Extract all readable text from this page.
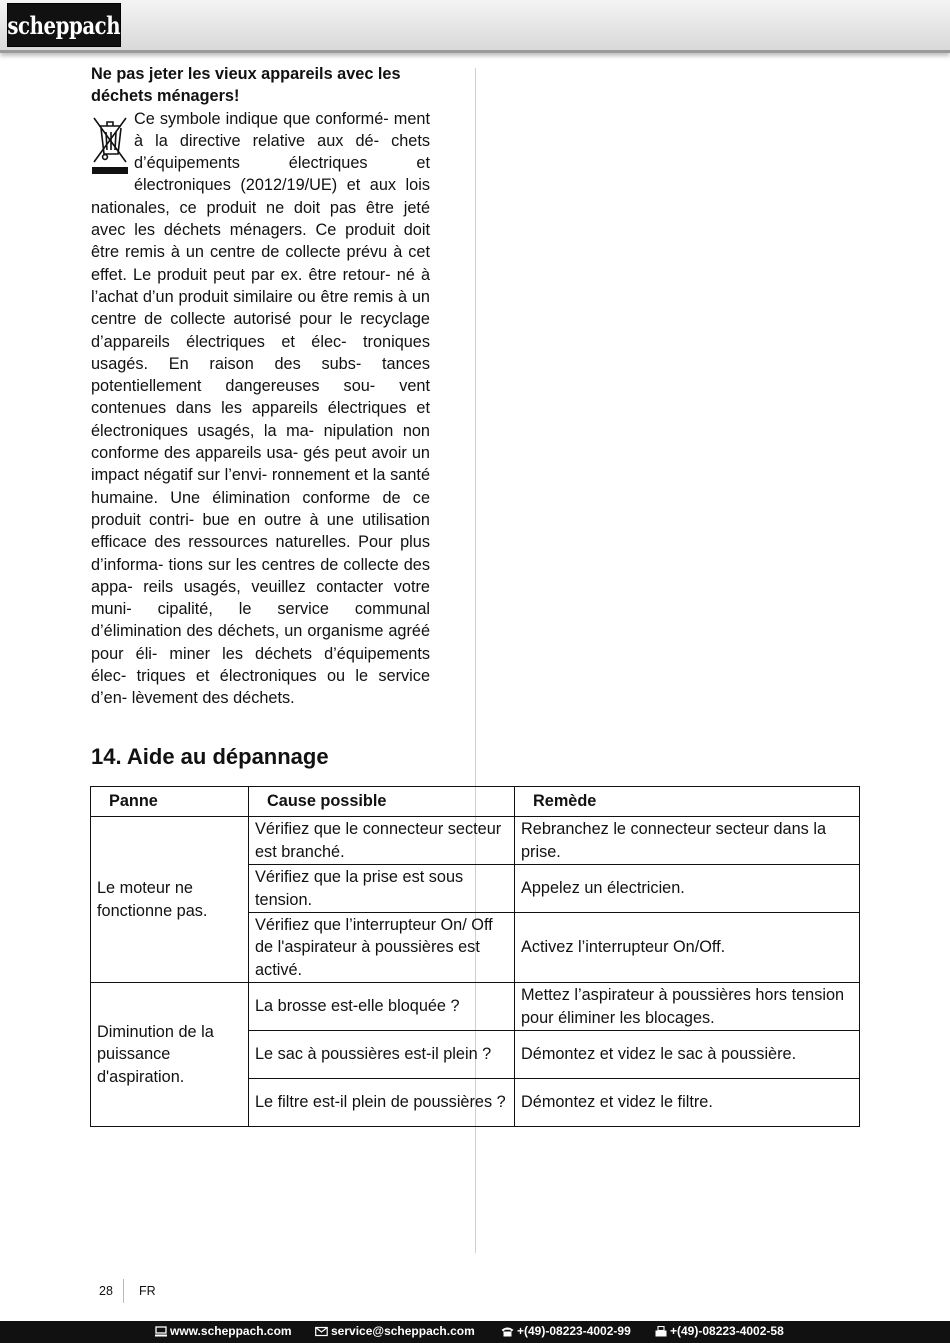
scheppach

Ne pas jeter les vieux appareils avec les déchets ménagers!

Ce symbole indique que conformé- ment à la directive relative aux dé- chets d’équipements électriques et électroniques (2012/19/UE) et aux lois nationales, ce produit ne doit pas être jeté avec les déchets ménagers. Ce produit doit être remis à un centre de collecte prévu à cet effet. Le produit peut par ex. être retour- né à l’achat d’un produit similaire ou être remis à un centre de collecte autorisé pour le recyclage d’appareils électriques et élec- troniques usagés. En raison des subs- tances potentiellement dangereuses sou- vent contenues dans les appareils électriques et électroniques usagés, la ma- nipulation non conforme des appareils usa- gés peut avoir un impact négatif sur l’envi- ronnement et la santé humaine. Une élimination conforme de ce produit contri- bue en outre à une utilisation efficace des ressources naturelles. Pour plus d’informa- tions sur les centres de collecte des appa- reils usagés, veuillez contacter votre muni- cipalité, le service communal d’élimination des déchets, un organisme agréé pour éli- miner les déchets d’équipements élec- triques et électroniques ou le service d’en- lèvement des déchets.

14. Aide au dépannage
Panne	Cause possible	Remède
Le moteur ne fonctionne pas.	Vérifiez que le connecteur secteur est branché.	Rebranchez le connecteur secteur dans la prise.
	Vérifiez que la prise est sous tension.	Appelez un électricien.
	Vérifiez que l’interrupteur On/ Off de l'aspirateur à poussières est activé.	Activez l’interrupteur On/Off.
Diminution de la puissance d'aspiration.	La brosse est-elle bloquée ?	Mettez l’aspirateur à poussières hors tension pour éliminer les blocages.
	Le sac à poussières est-il plein ?	Démontez et videz le sac à poussière.
	Le filtre est-il plein de poussières ?	Démontez et videz le filtre.
28 FR
www.scheppach.com	service@scheppach.com	+(49)-08223-4002-99	+(49)-08223-4002-58
